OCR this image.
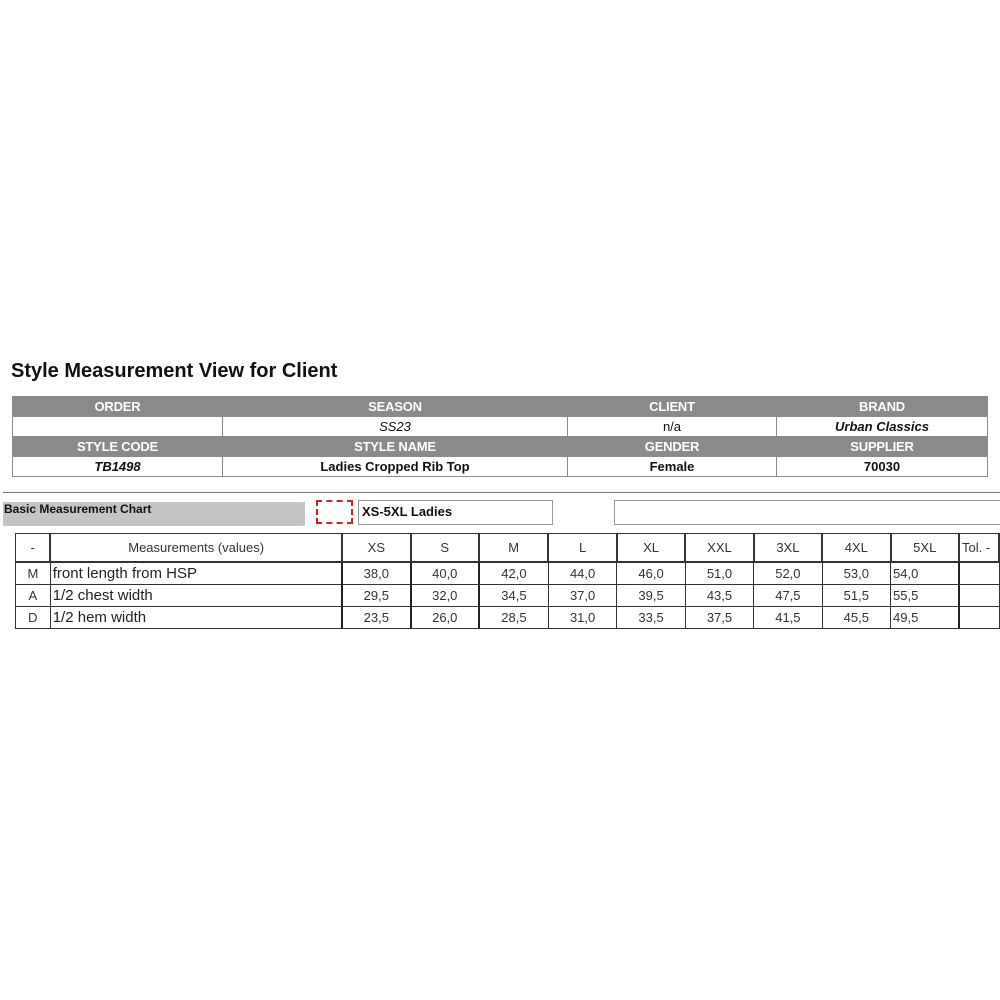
Style Measurement View for Client
ORDER	SEASON	CLIENT	BRAND
	SS23	n/a	Urban Classics
STYLE CODE	STYLE NAME	GENDER	SUPPLIER
TB1498	Ladies Cropped Rib Top	Female	70030
Basic Measurement Chart	XS-5XL Ladies
-	Measurements (values)	XS	S	M	L	XL	XXL	3XL	4XL	5XL	Tol. -
M	front length from HSP	38,0	40,0	42,0	44,0	46,0	51,0	52,0	53,0	54,0	
A	1/2 chest width	29,5	32,0	34,5	37,0	39,5	43,5	47,5	51,5	55,5	
D	1/2 hem width	23,5	26,0	28,5	31,0	33,5	37,5	41,5	45,5	49,5	
